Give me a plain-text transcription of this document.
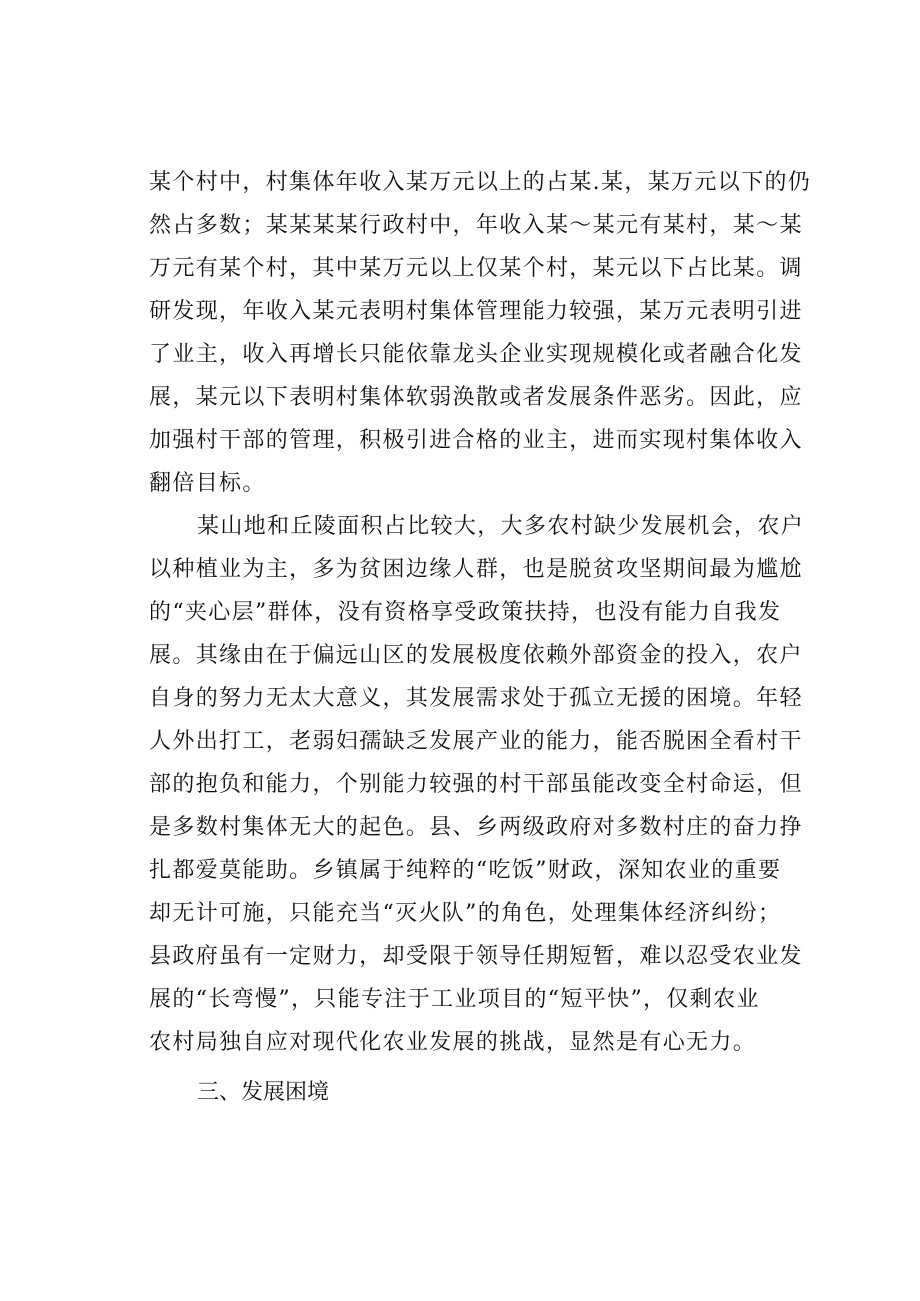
某个村中，村集体年收入某万元以上的占某.某，某万元以下的仍
然占多数；某某某某行政村中，年收入某～某元有某村，某～某
万元有某个村，其中某万元以上仅某个村，某元以下占比某。调
研发现，年收入某元表明村集体管理能力较强，某万元表明引进
了业主，收入再增长只能依靠龙头企业实现规模化或者融合化发
展，某元以下表明村集体软弱涣散或者发展条件恶劣。因此，应
加强村干部的管理，积极引进合格的业主，进而实现村集体收入
翻倍目标。
某山地和丘陵面积占比较大，大多农村缺少发展机会，农户
以种植业为主，多为贫困边缘人群，也是脱贫攻坚期间最为尴尬
的“夹心层”群体，没有资格享受政策扶持，也没有能力自我发
展。其缘由在于偏远山区的发展极度依赖外部资金的投入，农户
自身的努力无太大意义，其发展需求处于孤立无援的困境。年轻
人外出打工，老弱妇孺缺乏发展产业的能力，能否脱困全看村干
部的抱负和能力，个别能力较强的村干部虽能改变全村命运，但
是多数村集体无大的起色。县、乡两级政府对多数村庄的奋力挣
扎都爱莫能助。乡镇属于纯粹的“吃饭”财政，深知农业的重要
却无计可施，只能充当“灭火队”的角色，处理集体经济纠纷；
县政府虽有一定财力，却受限于领导任期短暂，难以忍受农业发
展的“长弯慢”，只能专注于工业项目的“短平快”，仅剩农业
农村局独自应对现代化农业发展的挑战，显然是有心无力。
三、发展困境
